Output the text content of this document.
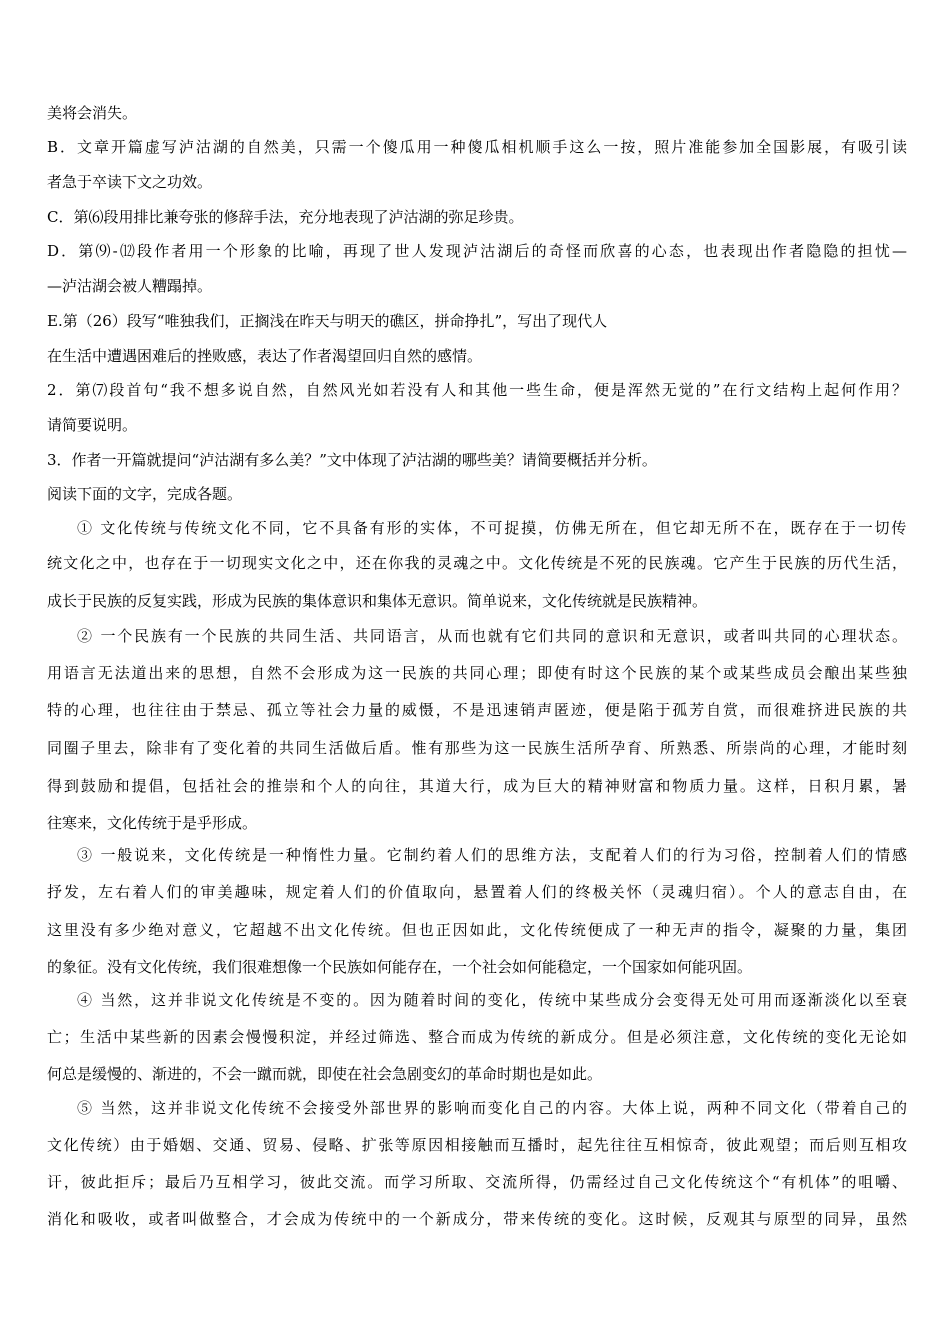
美将会消失。
B．文章开篇虚写泸沽湖的自然美，只需一个傻瓜用一种傻瓜相机顺手这么一按，照片准能参加全国影展，有吸引读
者急于卒读下文之功效。
C．第⑹段用排比兼夸张的修辞手法，充分地表现了泸沽湖的弥足珍贵。
D．第⑼-⑿段作者用一个形象的比喻，再现了世人发现泸沽湖后的奇怪而欣喜的心态，也表现出作者隐隐的担忧—
—泸沽湖会被人糟蹋掉。
E.第（26）段写“唯独我们，正搁浅在昨天与明天的礁区，拼命挣扎”，写出了现代人
在生活中遭遇困难后的挫败感，表达了作者渴望回归自然的感情。
2．第⑺段首句“我不想多说自然，自然风光如若没有人和其他一些生命，便是浑然无觉的”在行文结构上起何作用？
请简要说明。
3．作者一开篇就提问“泸沽湖有多么美？”文中体现了泸沽湖的哪些美？请简要概括并分析。
阅读下面的文字，完成各题。
① 文化传统与传统文化不同，它不具备有形的实体，不可捉摸，仿佛无所在，但它却无所不在，既存在于一切传
统文化之中，也存在于一切现实文化之中，还在你我的灵魂之中。文化传统是不死的民族魂。它产生于民族的历代生活，
成长于民族的反复实践，形成为民族的集体意识和集体无意识。简单说来，文化传统就是民族精神。
② 一个民族有一个民族的共同生活、共同语言，从而也就有它们共同的意识和无意识，或者叫共同的心理状态。
用语言无法道出来的思想，自然不会形成为这一民族的共同心理；即使有时这个民族的某个或某些成员会酿出某些独
特的心理，也往往由于禁忌、孤立等社会力量的威慑，不是迅速销声匿迹，便是陷于孤芳自赏，而很难挤进民族的共
同圈子里去，除非有了变化着的共同生活做后盾。惟有那些为这一民族生活所孕育、所熟悉、所崇尚的心理，才能时刻
得到鼓励和提倡，包括社会的推崇和个人的向往，其道大行，成为巨大的精神财富和物质力量。这样，日积月累，暑
往寒来，文化传统于是乎形成。
③ 一般说来，文化传统是一种惰性力量。它制约着人们的思维方法，支配着人们的行为习俗，控制着人们的情感
抒发，左右着人们的审美趣味，规定着人们的价值取向，悬置着人们的终极关怀（灵魂归宿）。个人的意志自由，在
这里没有多少绝对意义，它超越不出文化传统。但也正因如此，文化传统便成了一种无声的指令，凝聚的力量，集团
的象征。没有文化传统，我们很难想像一个民族如何能存在，一个社会如何能稳定，一个国家如何能巩固。
④ 当然，这并非说文化传统是不变的。因为随着时间的变化，传统中某些成分会变得无处可用而逐渐淡化以至衰
亡；生活中某些新的因素会慢慢积淀，并经过筛选、整合而成为传统的新成分。但是必须注意，文化传统的变化无论如
何总是缓慢的、渐进的，不会一蹴而就，即使在社会急剧变幻的革命时期也是如此。
⑤ 当然，这并非说文化传统不会接受外部世界的影响而变化自己的内容。大体上说，两种不同文化（带着自己的
文化传统）由于婚姻、交通、贸易、侵略、扩张等原因相接触而互播时，起先往往互相惊奇，彼此观望；而后则互相攻
讦，彼此拒斥；最后乃互相学习，彼此交流。而学习所取、交流所得，仍需经过自己文化传统这个“有机体”的咀嚼、
消化和吸收，或者叫做整合，才会成为传统中的一个新成分，带来传统的变化。这时候，反观其与原型的同异，虽然
